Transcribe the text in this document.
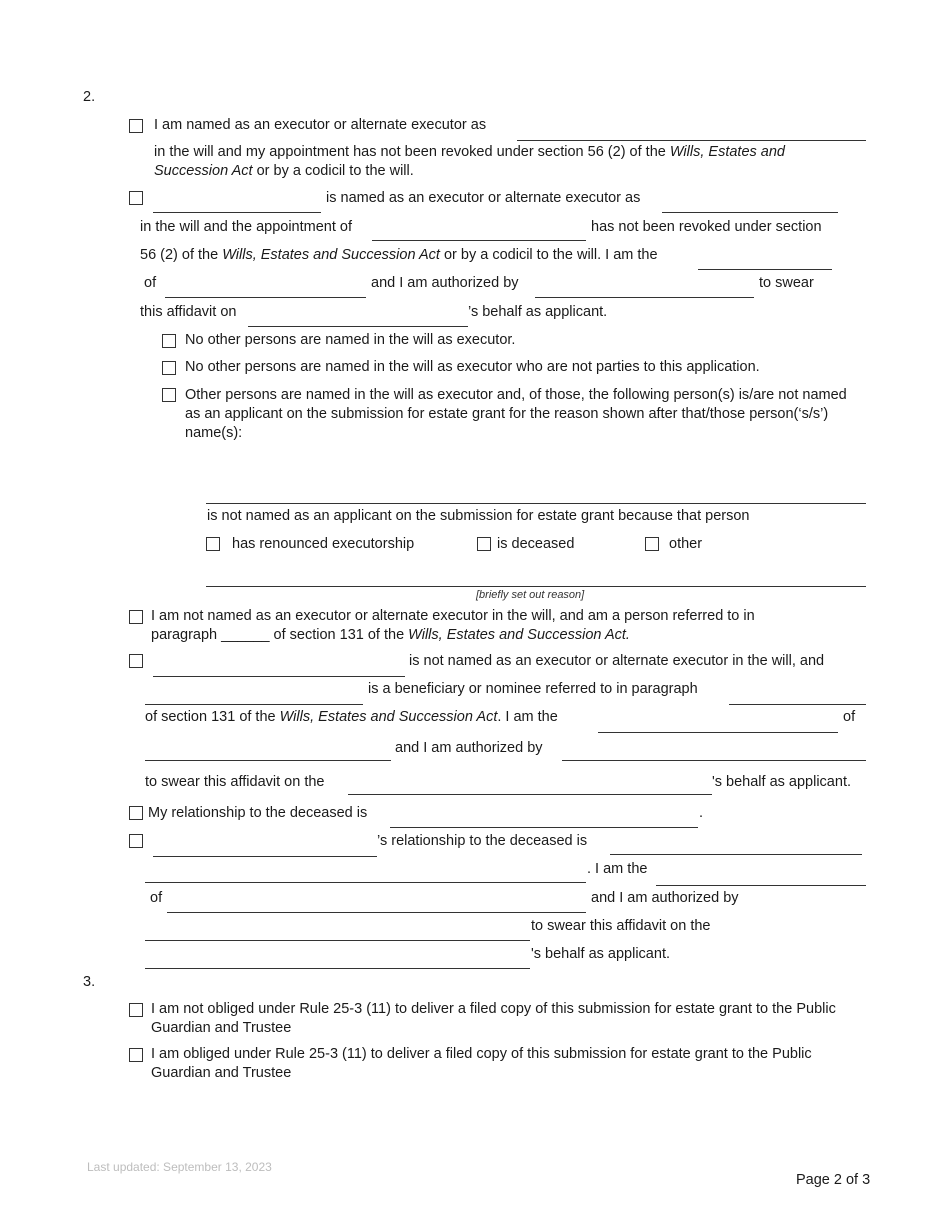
2.
I am named as an executor or alternate executor as
in the will and my appointment has not been revoked under section 56 (2) of the Wills, Estates and
Succession Act or by a codicil to the will.
is named as an executor or alternate executor as
in the will and the appointment of	has not been revoked under section
56 (2) of the Wills, Estates and Succession Act or by a codicil to the will. I am the
of	and I am authorized by	to swear
this affidavit on	’s behalf as applicant.
No other persons are named in the will as executor.
No other persons are named in the will as executor who are not parties to this application.
Other persons are named in the will as executor and, of those, the following person(s) is/are not named as an applicant on the submission for estate grant for the reason shown after that/those person(‘s/s’) name(s):
is not named as an applicant on the submission for estate grant because that person
has renounced executorship	is deceased	other
[briefly set out reason]
I am not named as an executor or alternate executor in the will, and am a person referred to in
paragraph ______ of section 131 of the Wills, Estates and Succession Act.
is not named as an executor or alternate executor in the will, and
is a beneficiary or nominee referred to in paragraph
of section 131 of the Wills, Estates and Succession Act. I am the	of
and I am authorized by
to swear this affidavit on the	's behalf as applicant.
My relationship to the deceased is	.
’s relationship to the deceased is
. I am the
of	and I am authorized by
to swear this affidavit on the
's behalf as applicant.
3.
I am not obliged under Rule 25-3 (11) to deliver a filed copy of this submission for estate grant to the Public Guardian and Trustee
I am obliged under Rule 25-3 (11) to deliver a filed copy of this submission for estate grant to the Public Guardian and Trustee
Last updated: September 13, 2023
Page 2 of 3
